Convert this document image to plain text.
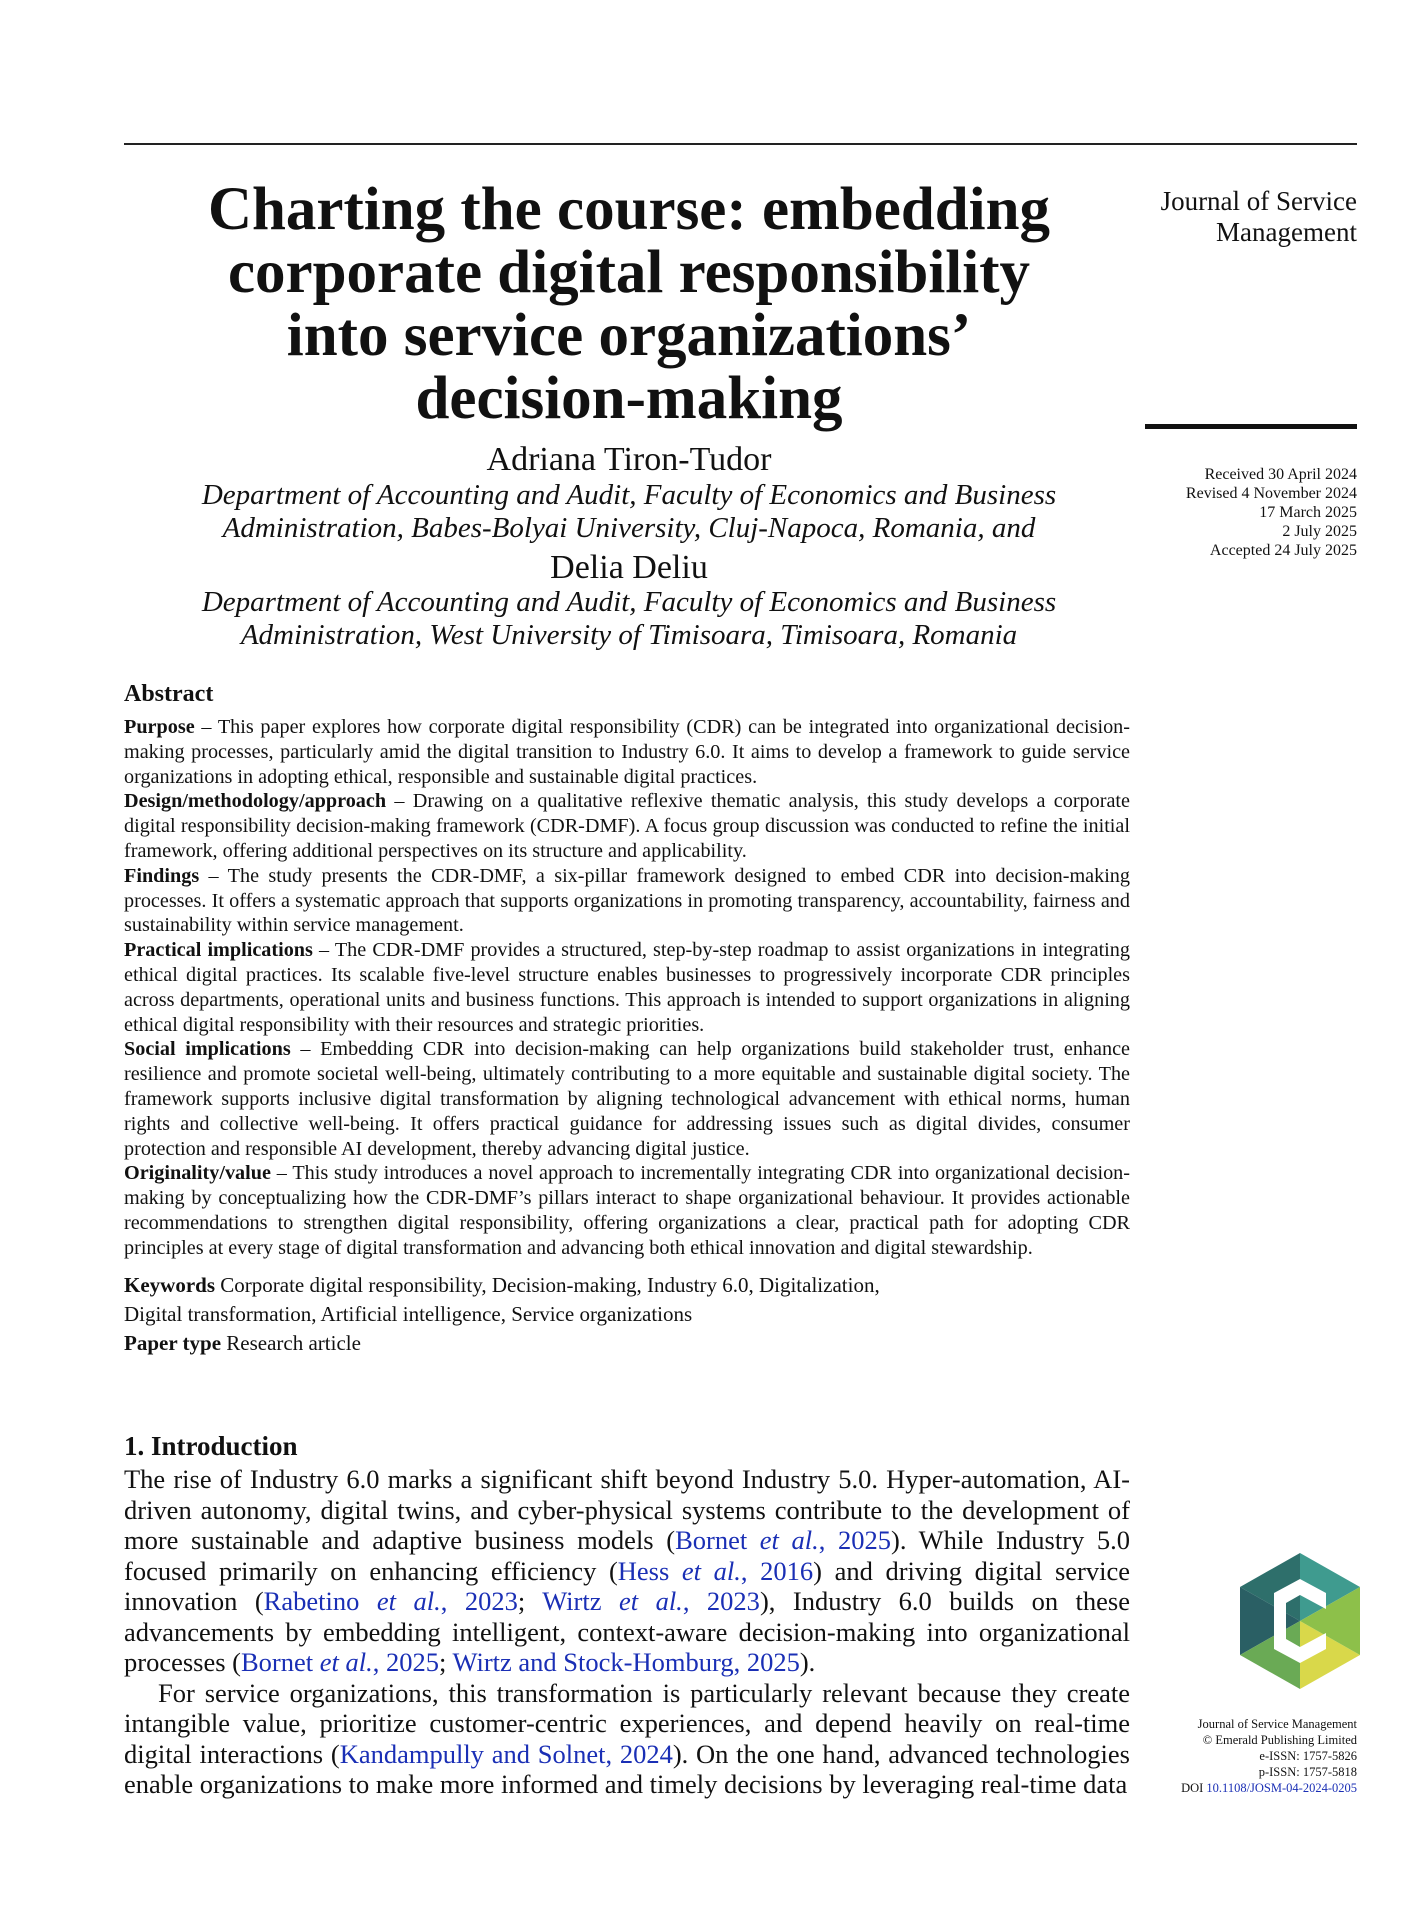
Journal of Service
Management
Received 30 April 2024
Revised 4 November 2024
17 March 2025
2 July 2025
Accepted 24 July 2025
Charting the course: embedding
corporate digital responsibility
into service organizations’
decision-making
Adriana Tiron-Tudor
Department of Accounting and Audit, Faculty of Economics and Business
Administration, Babes-Bolyai University, Cluj-Napoca, Romania, and
Delia Deliu
Department of Accounting and Audit, Faculty of Economics and Business
Administration, West University of Timisoara, Timisoara, Romania
Abstract

Purpose – This paper explores how corporate digital responsibility (CDR) can be integrated into organizational decision-making processes, particularly amid the digital transition to Industry 6.0. It aims to develop a framework to guide service organizations in adopting ethical, responsible and sustainable digital practices.

Design/methodology/approach – Drawing on a qualitative reflexive thematic analysis, this study develops a corporate digital responsibility decision-making framework (CDR-DMF). A focus group discussion was conducted to refine the initial framework, offering additional perspectives on its structure and applicability.

Findings – The study presents the CDR-DMF, a six-pillar framework designed to embed CDR into decision-making processes. It offers a systematic approach that supports organizations in promoting transparency, accountability, fairness and sustainability within service management.

Practical implications – The CDR-DMF provides a structured, step-by-step roadmap to assist organizations in integrating ethical digital practices. Its scalable five-level structure enables businesses to progressively incorporate CDR principles across departments, operational units and business functions. This approach is intended to support organizations in aligning ethical digital responsibility with their resources and strategic priorities.

Social implications – Embedding CDR into decision-making can help organizations build stakeholder trust, enhance resilience and promote societal well-being, ultimately contributing to a more equitable and sustainable digital society. The framework supports inclusive digital transformation by aligning technological advancement with ethical norms, human rights and collective well-being. It offers practical guidance for addressing issues such as digital divides, consumer protection and responsible AI development, thereby advancing digital justice.

Originality/value – This study introduces a novel approach to incrementally integrating CDR into organizational decision-making by conceptualizing how the CDR-DMF’s pillars interact to shape organizational behaviour. It provides actionable recommendations to strengthen digital responsibility, offering organizations a clear, practical path for adopting CDR principles at every stage of digital transformation and advancing both ethical innovation and digital stewardship.

Keywords Corporate digital responsibility, Decision-making, Industry 6.0, Digitalization,
Digital transformation, Artificial intelligence, Service organizations
Paper type Research article
1. Introduction

The rise of Industry 6.0 marks a significant shift beyond Industry 5.0. Hyper-automation, AI-driven autonomy, digital twins, and cyber-physical systems contribute to the development of more sustainable and adaptive business models (Bornet et al., 2025). While Industry 5.0 focused primarily on enhancing efficiency (Hess et al., 2016) and driving digital service innovation (Rabetino et al., 2023; Wirtz et al., 2023), Industry 6.0 builds on these advancements by embedding intelligent, context-aware decision-making into organizational processes (Bornet et al., 2025; Wirtz and Stock-Homburg, 2025).

For service organizations, this transformation is particularly relevant because they create intangible value, prioritize customer-centric experiences, and depend heavily on real-time digital interactions (Kandampully and Solnet, 2024). On the one hand, advanced technologies enable organizations to make more informed and timely decisions by leveraging real-time data

Journal of Service Management
© Emerald Publishing Limited
e-ISSN: 1757-5826
p-ISSN: 1757-5818
DOI 10.1108/JOSM-04-2024-0205
